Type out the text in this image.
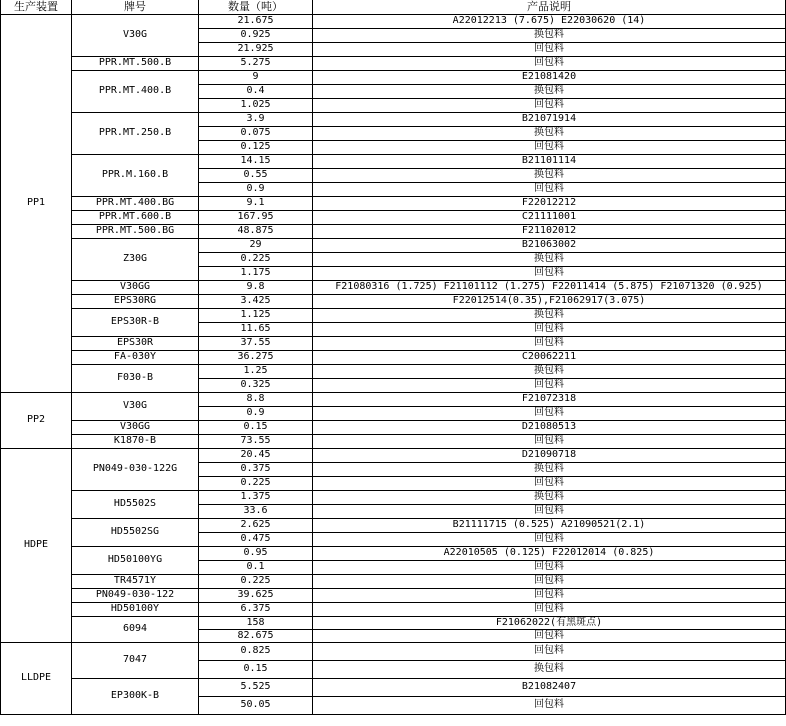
生产装置	牌号	数量（吨）	产品说明
PP1	V30G	21.675	A22012213 (7.675) E22030620 (14)
		0.925	换包料
		21.925	回包料
	PPR.MT.500.B	5.275	回包料
	PPR.MT.400.B	9	E21081420
		0.4	换包料
		1.025	回包料
	PPR.MT.250.B	3.9	B21071914
		0.075	换包料
		0.125	回包料
	PPR.M.160.B	14.15	B21101114
		0.55	换包料
		0.9	回包料
	PPR.MT.400.BG	9.1	F22012212
	PPR.MT.600.B	167.95	C21111001
	PPR.MT.500.BG	48.875	F21102012
	Z30G	29	B21063002
		0.225	换包料
		1.175	回包料
	V30GG	9.8	F21080316 (1.725) F21101112 (1.275) F22011414 (5.875) F21071320 (0.925)
	EPS30RG	3.425	F22012514(0.35),F21062917(3.075)
	EPS30R-B	1.125	换包料
		11.65	回包料
	EPS30R	37.55	回包料
	FA-030Y	36.275	C20062211
	F030-B	1.25	换包料
		0.325	回包料
PP2	V30G	8.8	F21072318
		0.9	回包料
	V30GG	0.15	D21080513
	K1870-B	73.55	回包料
HDPE	PN049-030-122G	20.45	D21090718
		0.375	换包料
		0.225	回包料
	HD5502S	1.375	换包料
		33.6	回包料
	HD5502SG	2.625	B21111715 (0.525) A21090521(2.1)
		0.475	回包料
	HD50100YG	0.95	A22010505 (0.125) F22012014 (0.825)
		0.1	回包料
	TR4571Y	0.225	回包料
	PN049-030-122	39.625	回包料
	HD50100Y	6.375	回包料
	6094	158	F21062022(有黑斑点)
		82.675	回包料
LLDPE	7047	0.825	回包料
		0.15	换包料
	EP300K-B	5.525	B21082407
		50.05	回包料
